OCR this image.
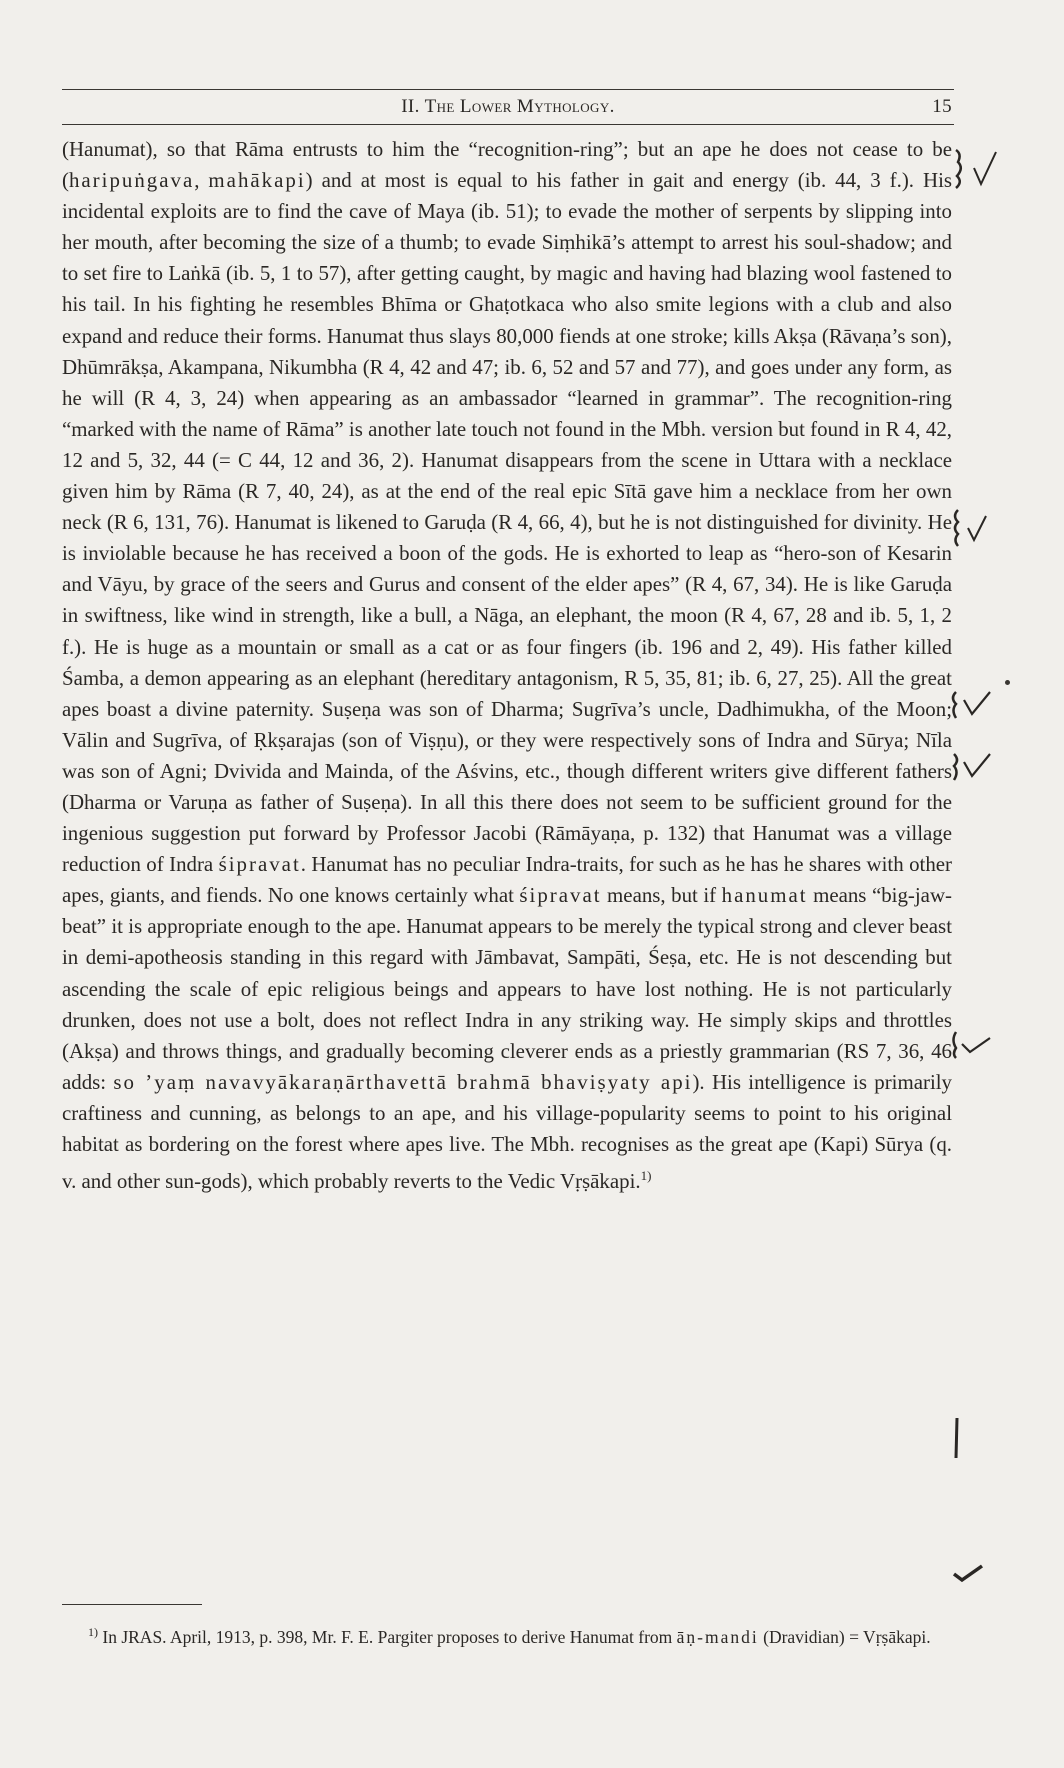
II. The Lower Mythology.	15

(Hanumat), so that Rāma entrusts to him the “recognition-ring”; but an ape he does not cease to be (haripuṅgava, mahākapi) and at most is equal to his father in gait and energy (ib. 44, 3 f.). His incidental exploits are to find the cave of Maya (ib. 51); to evade the mother of serpents by slipping into her mouth, after becoming the size of a thumb; to evade Siṃhikā’s attempt to arrest his soul-shadow; and to set fire to Laṅkā (ib. 5, 1 to 57), after getting caught, by magic and having had blazing wool fastened to his tail. In his fighting he resembles Bhīma or Ghaṭotkaca who also smite legions with a club and also expand and reduce their forms. Hanumat thus slays 80,000 fiends at one stroke; kills Akṣa (Rāvaṇa’s son), Dhūmrākṣa, Akampana, Nikumbha (R 4, 42 and 47; ib. 6, 52 and 57 and 77), and goes under any form, as he will (R 4, 3, 24) when appearing as an ambassador “learned in grammar”. The recognition-ring “marked with the name of Rāma” is another late touch not found in the Mbh. version but found in R 4, 42, 12 and 5, 32, 44 (= C 44, 12 and 36, 2). Hanumat disappears from the scene in Uttara with a necklace given him by Rāma (R 7, 40, 24), as at the end of the real epic Sītā gave him a necklace from her own neck (R 6, 131, 76). Hanumat is likened to Garuḍa (R 4, 66, 4), but he is not distinguished for divinity. He is inviolable because he has received a boon of the gods. He is exhorted to leap as “hero-son of Kesarin and Vāyu, by grace of the seers and Gurus and consent of the elder apes” (R 4, 67, 34). He is like Garuḍa in swiftness, like wind in strength, like a bull, a Nāga, an elephant, the moon (R 4, 67, 28 and ib. 5, 1, 2 f.). He is huge as a mountain or small as a cat or as four fingers (ib. 196 and 2, 49). His father killed Śamba, a demon appearing as an elephant (hereditary antagonism, R 5, 35, 81; ib. 6, 27, 25). All the great apes boast a divine paternity. Suṣeṇa was son of Dharma; Sugrīva’s uncle, Dadhimukha, of the Moon; Vālin and Sugrīva, of Ṛkṣarajas (son of Viṣṇu), or they were respectively sons of Indra and Sūrya; Nīla was son of Agni; Dvivida and Mainda, of the Aśvins, etc., though different writers give different fathers (Dharma or Varuṇa as father of Suṣeṇa). In all this there does not seem to be sufficient ground for the ingenious suggestion put forward by Professor Jacobi (Rāmāyaṇa, p. 132) that Hanumat was a village reduction of Indra śipravat. Hanumat has no peculiar Indra-traits, for such as he has he shares with other apes, giants, and fiends. No one knows certainly what śipravat means, but if hanumat means “big-jaw-beat” it is appropriate enough to the ape. Hanumat appears to be merely the typical strong and clever beast in demi-apotheosis standing in this regard with Jāmbavat, Sampāti, Śeṣa, etc. He is not descending but ascending the scale of epic religious beings and appears to have lost nothing. He is not particularly drunken, does not use a bolt, does not reflect Indra in any striking way. He simply skips and throttles (Akṣa) and throws things, and gradually becoming cleverer ends as a priestly grammarian (RS 7, 36, 46 adds: so ’yaṃ navavyākaraṇārthavettā brahmā bhaviṣyaty api). His intelligence is primarily craftiness and cunning, as belongs to an ape, and his village-popularity seems to point to his original habitat as bordering on the forest where apes live. The Mbh. recognises as the great ape (Kapi) Sūrya (q. v. and other sun-gods), which probably reverts to the Vedic Vṛṣākapi.$^{1)}$

$^{1)}$ In JRAS. April, 1913, p. 398, Mr. F. E. Pargiter proposes to derive Hanumat from āṇ-mandi (Dravidian) = Vṛṣākapi.
